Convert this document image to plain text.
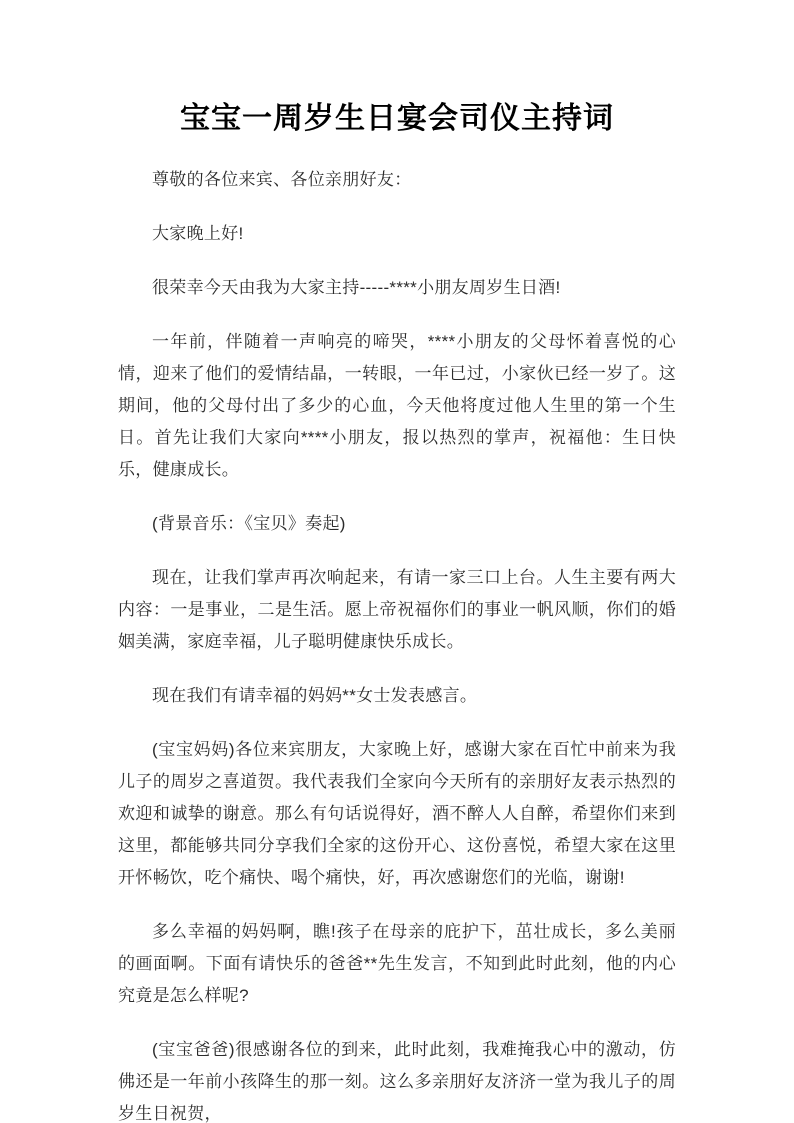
宝宝一周岁生日宴会司仪主持词

尊敬的各位来宾、各位亲朋好友：

大家晚上好!

很荣幸今天由我为大家主持-----****小朋友周岁生日酒!

一年前，伴随着一声响亮的啼哭，****小朋友的父母怀着喜悦的心情，迎来了他们的爱情结晶，一转眼，一年已过，小家伙已经一岁了。这期间，他的父母付出了多少的心血，今天他将度过他人生里的第一个生日。首先让我们大家向****小朋友，报以热烈的掌声，祝福他：生日快乐，健康成长。

(背景音乐：《宝贝》奏起)

现在，让我们掌声再次响起来，有请一家三口上台。人生主要有两大内容：一是事业，二是生活。愿上帝祝福你们的事业一帆风顺，你们的婚姻美满，家庭幸福，儿子聪明健康快乐成长。

现在我们有请幸福的妈妈**女士发表感言。

(宝宝妈妈)各位来宾朋友，大家晚上好，感谢大家在百忙中前来为我儿子的周岁之喜道贺。我代表我们全家向今天所有的亲朋好友表示热烈的欢迎和诚挚的谢意。那么有句话说得好，酒不醉人人自醉，希望你们来到这里，都能够共同分享我们全家的这份开心、这份喜悦，希望大家在这里开怀畅饮，吃个痛快、喝个痛快，好，再次感谢您们的光临，谢谢!

多么幸福的妈妈啊，瞧!孩子在母亲的庇护下，茁壮成长，多么美丽的画面啊。下面有请快乐的爸爸**先生发言，不知到此时此刻，他的内心究竟是怎么样呢?

(宝宝爸爸)很感谢各位的到来，此时此刻，我难掩我心中的激动，仿佛还是一年前小孩降生的那一刻。这么多亲朋好友济济一堂为我儿子的周岁生日祝贺，
